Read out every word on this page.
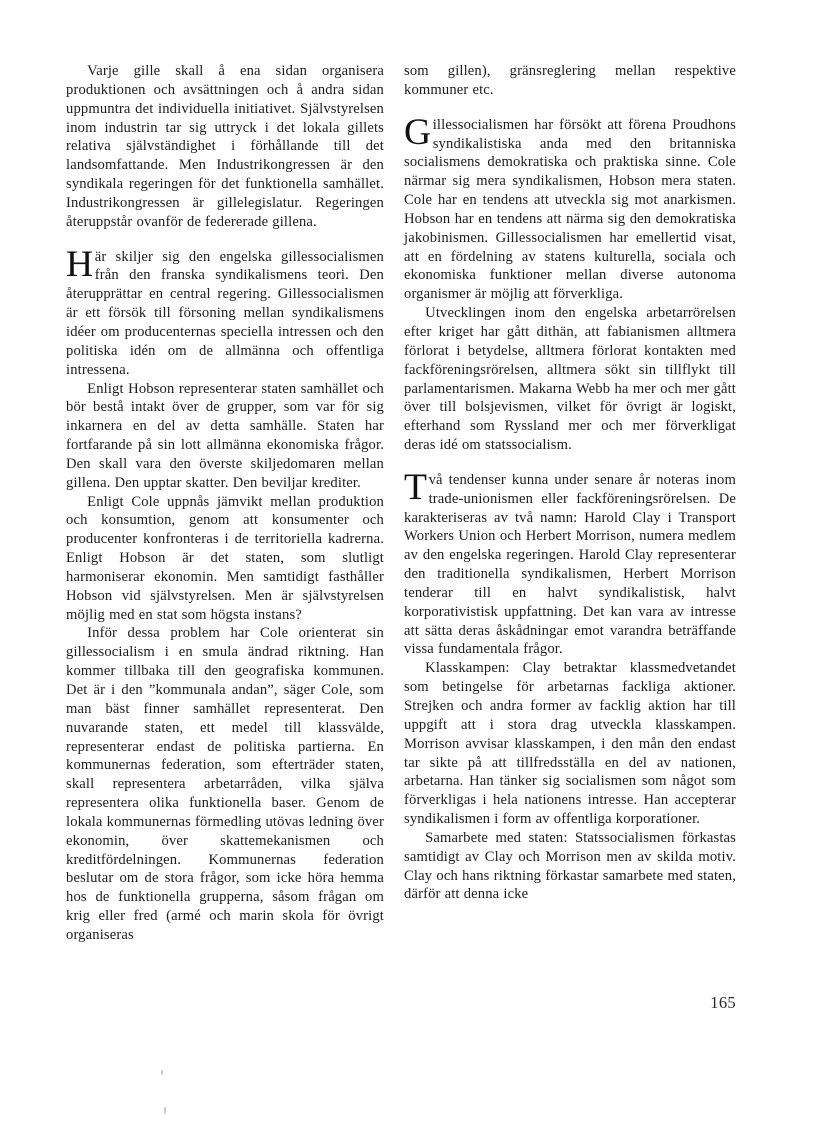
Varje gille skall å ena sidan organisera produktionen och avsättningen och å andra sidan uppmuntra det individuella initiativet. Självstyrelsen inom industrin tar sig uttryck i det lokala gillets relativa självständighet i förhållande till det landsomfattande. Men Industrikongressen är den syndikala regeringen för det funktionella samhället. Industrikongressen är gillelegislatur. Regeringen återuppstår ovanför de federerade gillena.

Här skiljer sig den engelska gillessocialismen från den franska syndikalismens teori. Den återupprättar en central regering. Gillessocialismen är ett försök till försoning mellan syndikalismens idéer om producenternas speciella intressen och den politiska idén om de allmänna och offentliga intressena.

Enligt Hobson representerar staten samhället och bör bestå intakt över de grupper, som var för sig inkarnera en del av detta samhälle. Staten har fortfarande på sin lott allmänna ekonomiska frågor. Den skall vara den överste skiljedomaren mellan gillena. Den upptar skatter. Den beviljar krediter.

Enligt Cole uppnås jämvikt mellan produktion och konsumtion, genom att konsumenter och producenter konfronteras i de territoriella kadrerna. Enligt Hobson är det staten, som slutligt harmoniserar ekonomin. Men samtidigt fasthåller Hobson vid självstyrelsen. Men är självstyrelsen möjlig med en stat som högsta instans?

Inför dessa problem har Cole orienterat sin gillessocialism i en smula ändrad riktning. Han kommer tillbaka till den geografiska kommunen. Det är i den ”kommunala andan”, säger Cole, som man bäst finner samhället representerat. Den nuvarande staten, ett medel till klassvälde, representerar endast de politiska partierna. En kommunernas federation, som efterträder staten, skall representera arbetarråden, vilka själva representera olika funktionella baser. Genom de lokala kommunernas förmedling utövas ledning över ekonomin, över skattemekanismen och kreditfördelningen. Kommunernas federation beslutar om de stora frågor, som icke höra hemma hos de funktionella grupperna, såsom frågan om krig eller fred (armé och marin skola för övrigt organiseras

som gillen), gränsreglering mellan respektive kommuner etc.

Gillessocialismen har försökt att förena Proudhons syndikalistiska anda med den britanniska socialismens demokratiska och praktiska sinne. Cole närmar sig mera syndikalismen, Hobson mera staten. Cole har en tendens att utveckla sig mot anarkismen. Hobson har en tendens att närma sig den demokratiska jakobinismen. Gillessocialismen har emellertid visat, att en fördelning av statens kulturella, sociala och ekonomiska funktioner mellan diverse autonoma organismer är möjlig att förverkliga.

Utvecklingen inom den engelska arbetarrörelsen efter kriget har gått dithän, att fabianismen alltmera förlorat i betydelse, alltmera förlorat kontakten med fackföreningsrörelsen, alltmera sökt sin tillflykt till parlamentarismen. Makarna Webb ha mer och mer gått över till bolsjevismen, vilket för övrigt är logiskt, efterhand som Ryssland mer och mer förverkligat deras idé om statssocialism.

Två tendenser kunna under senare år noteras inom trade-unionismen eller fackföreningsrörelsen. De karakteriseras av två namn: Harold Clay i Transport Workers Union och Herbert Morrison, numera medlem av den engelska regeringen. Harold Clay representerar den traditionella syndikalismen, Herbert Morrison tenderar till en halvt syndikalistisk, halvt korporativistisk uppfattning. Det kan vara av intresse att sätta deras åskådningar emot varandra beträffande vissa fundamentala frågor.

Klasskampen: Clay betraktar klassmedvetandet som betingelse för arbetarnas fackliga aktioner. Strejken och andra former av facklig aktion har till uppgift att i stora drag utveckla klasskampen. Morrison avvisar klasskampen, i den mån den endast tar sikte på att tillfredsställa en del av nationen, arbetarna. Han tänker sig socialismen som något som förverkligas i hela nationens intresse. Han accepterar syndikalismen i form av offentliga korporationer.

Samarbete med staten: Statssocialismen förkastas samtidigt av Clay och Morrison men av skilda motiv. Clay och hans riktning förkastar samarbete med staten, därför att denna icke

165
